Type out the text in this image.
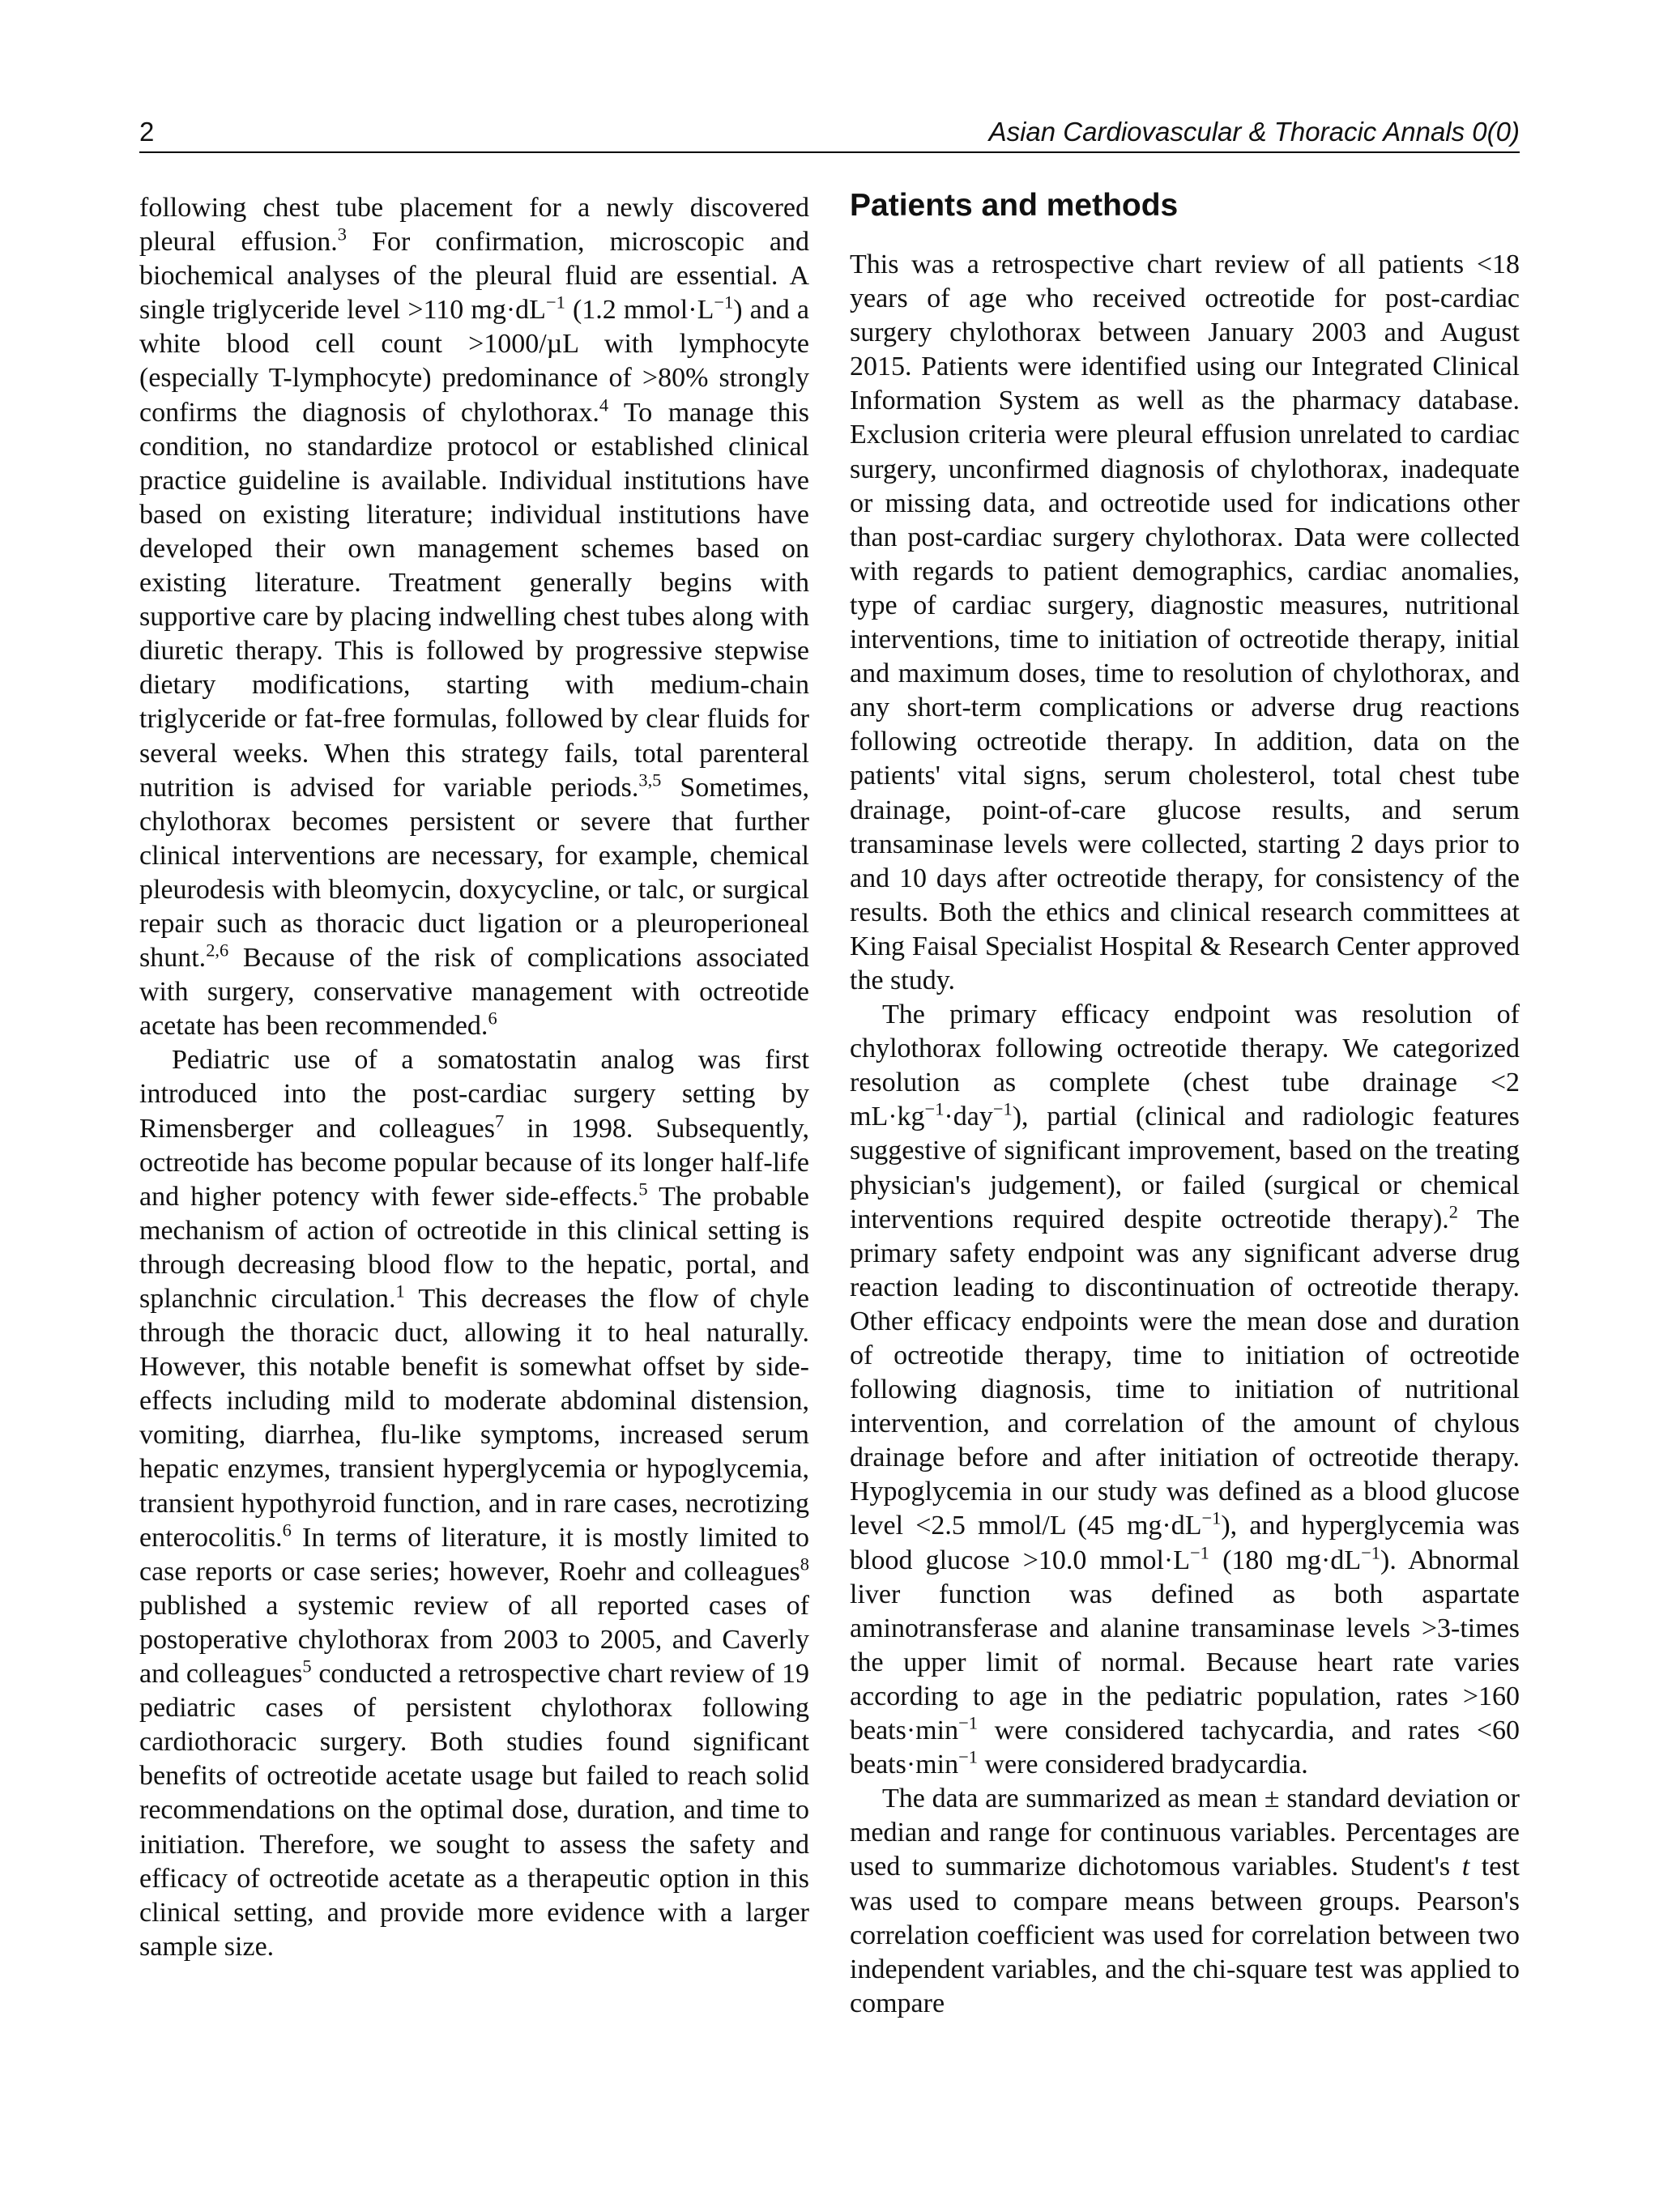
2	Asian Cardiovascular & Thoracic Annals 0(0)

following chest tube placement for a newly discovered pleural effusion.$^3$ For confirmation, microscopic and biochemical analyses of the pleural fluid are essential. A single triglyceride level >110 $mg\cdot dL^{-1}$ (1.2 $mmol\cdot L^{-1}$) and a white blood cell count >1000/µL with lymphocyte (especially T-lymphocyte) predominance of >80% strongly confirms the diagnosis of chylothorax.$^4$ To manage this condition, no standardize protocol or established clinical practice guideline is available. Individual institutions have based on existing literature; individual institutions have developed their own management schemes based on existing literature. Treatment generally begins with supportive care by placing indwelling chest tubes along with diuretic therapy. This is followed by progressive stepwise dietary modifications, starting with medium-chain triglyceride or fat-free formulas, followed by clear fluids for several weeks. When this strategy fails, total parenteral nutrition is advised for variable periods.$^{3,5}$ Sometimes, chylothorax becomes persistent or severe that further clinical interventions are necessary, for example, chemical pleurodesis with bleomycin, doxycycline, or talc, or surgical repair such as thoracic duct ligation or a pleuroperioneal shunt.$^{2,6}$ Because of the risk of complications associated with surgery, conservative management with octreotide acetate has been recommended.$^6$

Pediatric use of a somatostatin analog was first introduced into the post-cardiac surgery setting by Rimensberger and colleagues$^7$ in 1998. Subsequently, octreotide has become popular because of its longer half-life and higher potency with fewer side-effects.$^5$ The probable mechanism of action of octreotide in this clinical setting is through decreasing blood flow to the hepatic, portal, and splanchnic circulation.$^1$ This decreases the flow of chyle through the thoracic duct, allowing it to heal naturally. However, this notable benefit is somewhat offset by side-effects including mild to moderate abdominal distension, vomiting, diarrhea, flu-like symptoms, increased serum hepatic enzymes, transient hyperglycemia or hypoglycemia, transient hypothyroid function, and in rare cases, necrotizing enterocolitis.$^6$ In terms of literature, it is mostly limited to case reports or case series; however, Roehr and colleagues$^8$ published a systemic review of all reported cases of postoperative chylothorax from 2003 to 2005, and Caverly and colleagues$^5$ conducted a retrospective chart review of 19 pediatric cases of persistent chylothorax following cardiothoracic surgery. Both studies found significant benefits of octreotide acetate usage but failed to reach solid recommendations on the optimal dose, duration, and time to initiation. Therefore, we sought to assess the safety and efficacy of octreotide acetate as a therapeutic option in this clinical setting, and provide more evidence with a larger sample size.

Patients and methods

This was a retrospective chart review of all patients <18 years of age who received octreotide for post-cardiac surgery chylothorax between January 2003 and August 2015. Patients were identified using our Integrated Clinical Information System as well as the pharmacy database. Exclusion criteria were pleural effusion unrelated to cardiac surgery, unconfirmed diagnosis of chylothorax, inadequate or missing data, and octreotide used for indications other than post-cardiac surgery chylothorax. Data were collected with regards to patient demographics, cardiac anomalies, type of cardiac surgery, diagnostic measures, nutritional interventions, time to initiation of octreotide therapy, initial and maximum doses, time to resolution of chylothorax, and any short-term complications or adverse drug reactions following octreotide therapy. In addition, data on the patients' vital signs, serum cholesterol, total chest tube drainage, point-of-care glucose results, and serum transaminase levels were collected, starting 2 days prior to and 10 days after octreotide therapy, for consistency of the results. Both the ethics and clinical research committees at King Faisal Specialist Hospital & Research Center approved the study.

The primary efficacy endpoint was resolution of chylothorax following octreotide therapy. We categorized resolution as complete (chest tube drainage <2 $mL\cdot kg^{-1}\cdot day^{-1}$), partial (clinical and radiologic features suggestive of significant improvement, based on the treating physician's judgement), or failed (surgical or chemical interventions required despite octreotide therapy).$^2$ The primary safety endpoint was any significant adverse drug reaction leading to discontinuation of octreotide therapy. Other efficacy endpoints were the mean dose and duration of octreotide therapy, time to initiation of octreotide following diagnosis, time to initiation of nutritional intervention, and correlation of the amount of chylous drainage before and after initiation of octreotide therapy. Hypoglycemia in our study was defined as a blood glucose level <2.5 mmol/L (45 $mg\cdot dL^{-1}$), and hyperglycemia was blood glucose >10.0 $mmol\cdot L^{-1}$ (180 $mg\cdot dL^{-1}$). Abnormal liver function was defined as both aspartate aminotransferase and alanine transaminase levels >3-times the upper limit of normal. Because heart rate varies according to age in the pediatric population, rates >160 $beats\cdot\min^{-1}$ were considered tachycardia, and rates <60 $beats\cdot\min^{-1}$ were considered bradycardia.

The data are summarized as mean ± standard deviation or median and range for continuous variables. Percentages are used to summarize dichotomous variables. Student's t test was used to compare means between groups. Pearson's correlation coefficient was used for correlation between two independent variables, and the chi-square test was applied to compare
